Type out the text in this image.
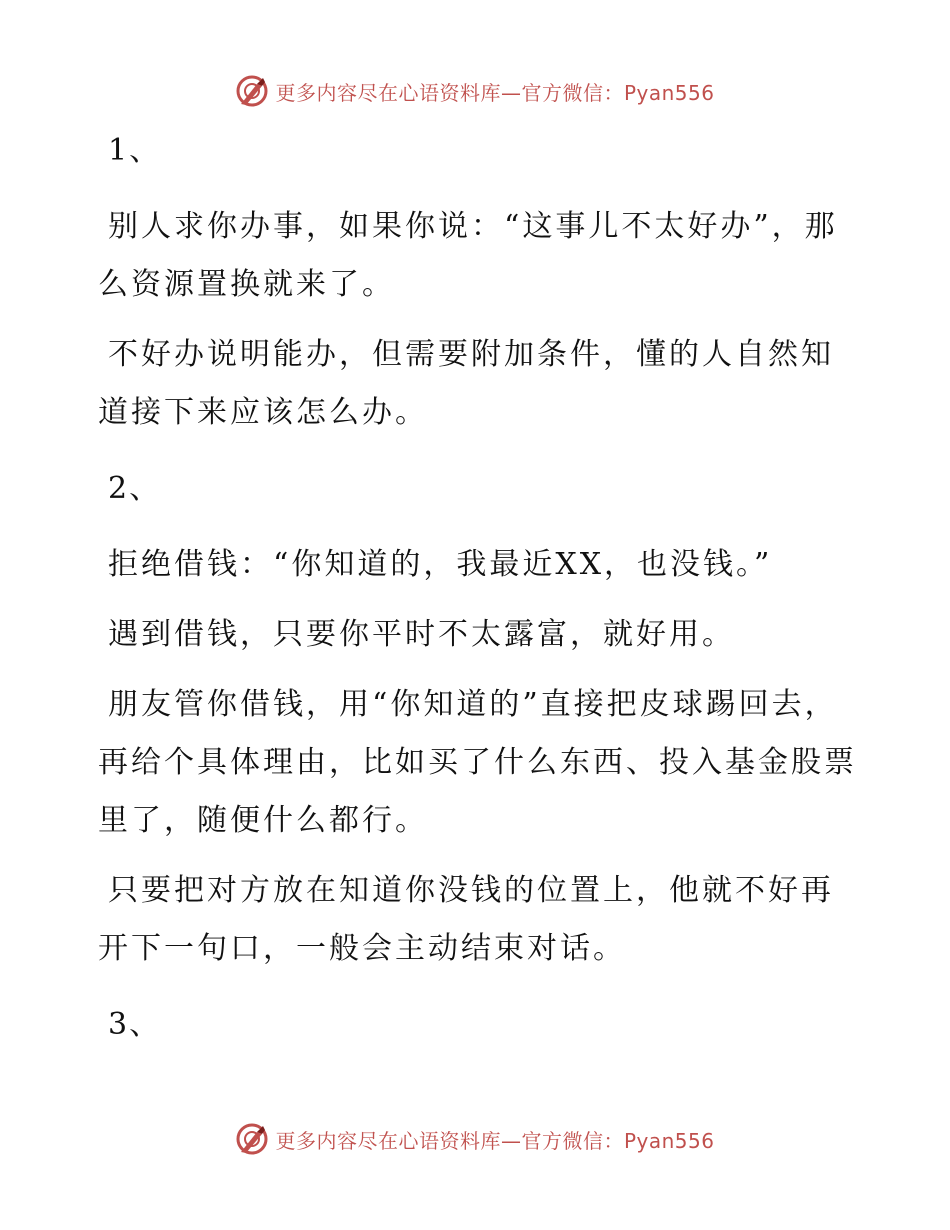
更多内容尽在心语资料库—官方微信：Pyan556

1、

别人求你办事，如果你说：“这事儿不太好办”，那么资源置换就来了。

不好办说明能办，但需要附加条件，懂的人自然知道接下来应该怎么办。

2、

拒绝借钱：“你知道的，我最近XX，也没钱。”

遇到借钱，只要你平时不太露富，就好用。

朋友管你借钱，用“你知道的”直接把皮球踢回去，再给个具体理由，比如买了什么东西、投入基金股票里了，随便什么都行。

只要把对方放在知道你没钱的位置上，他就不好再开下一句口，一般会主动结束对话。

3、

更多内容尽在心语资料库—官方微信：Pyan556
